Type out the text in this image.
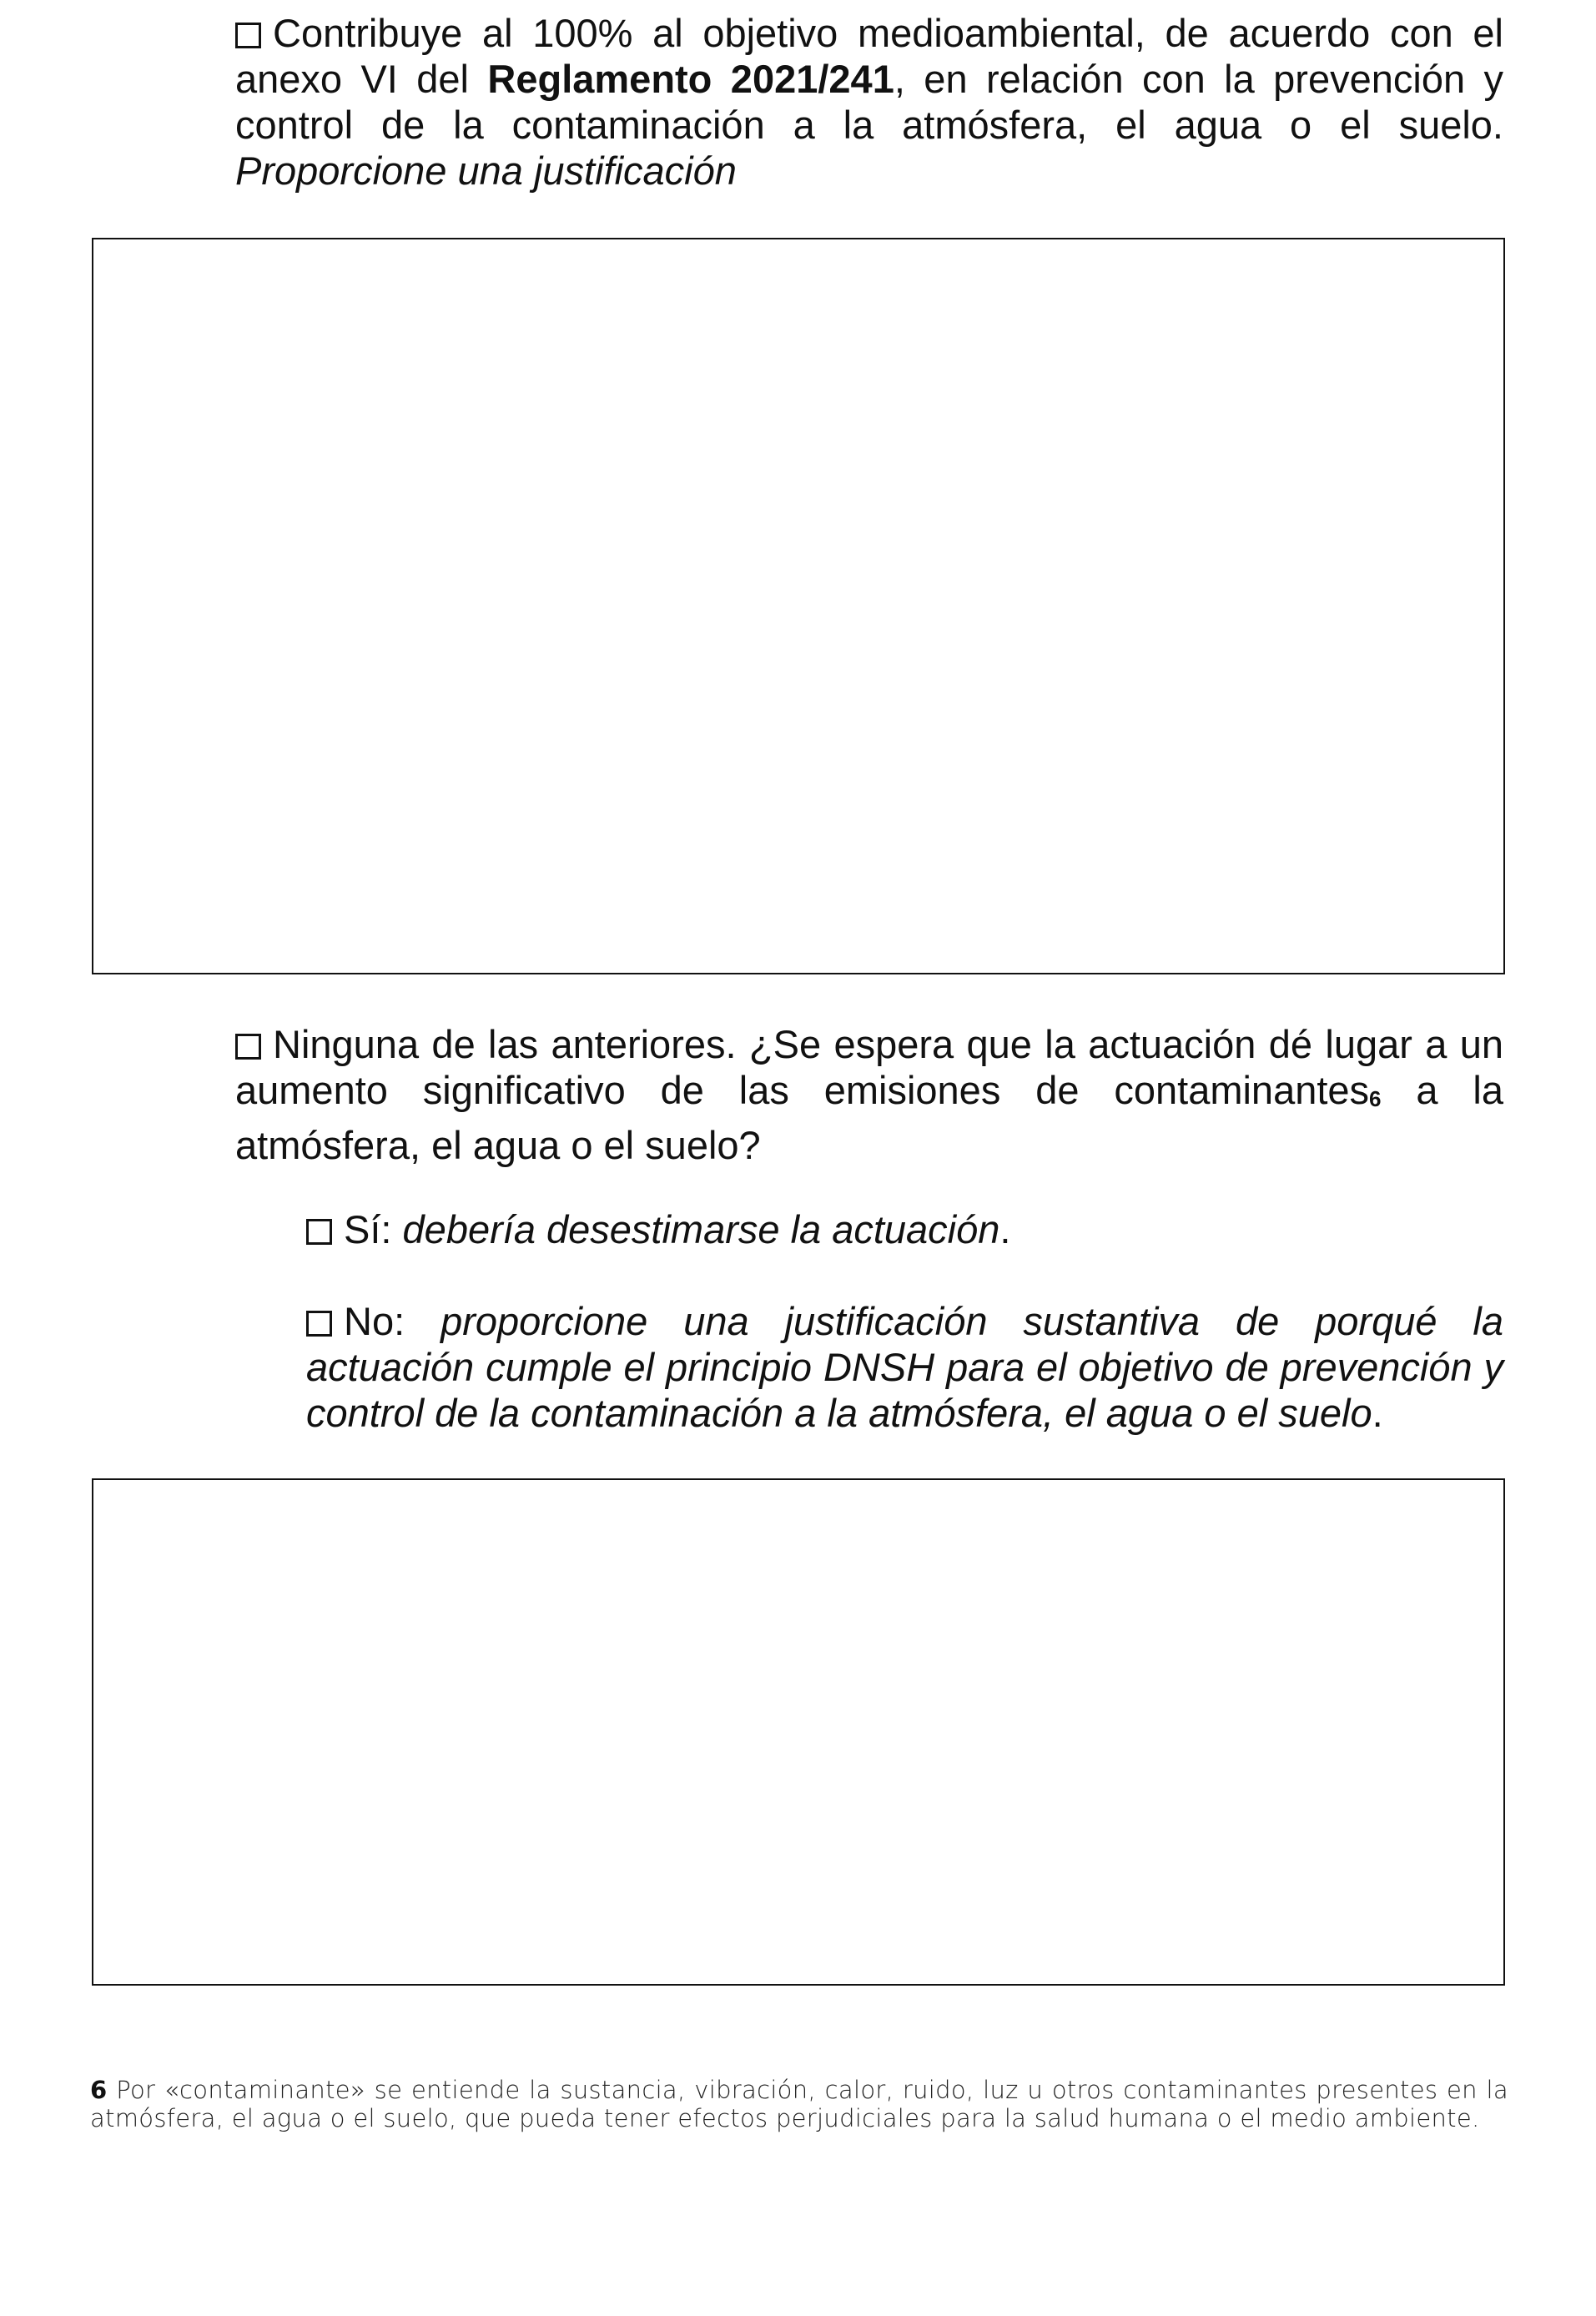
Contribuye al 100% al objetivo medioambiental, de acuerdo con el anexo VI del Reglamento 2021/241, en relación con la prevención y control de la contaminación a la atmósfera, el agua o el suelo. Proporcione una justificación

Ninguna de las anteriores. ¿Se espera que la actuación dé lugar a un aumento significativo de las emisiones de contaminantes6 a la atmósfera, el agua o el suelo?

Sí: debería desestimarse la actuación.

No: proporcione una justificación sustantiva de porqué la actuación cumple el principio DNSH para el objetivo de prevención y control de la contaminación a la atmósfera, el agua o el suelo.

6 Por «contaminante» se entiende la sustancia, vibración, calor, ruido, luz u otros contaminantes presentes en la atmósfera, el agua o el suelo, que pueda tener efectos perjudiciales para la salud humana o el medio ambiente.
